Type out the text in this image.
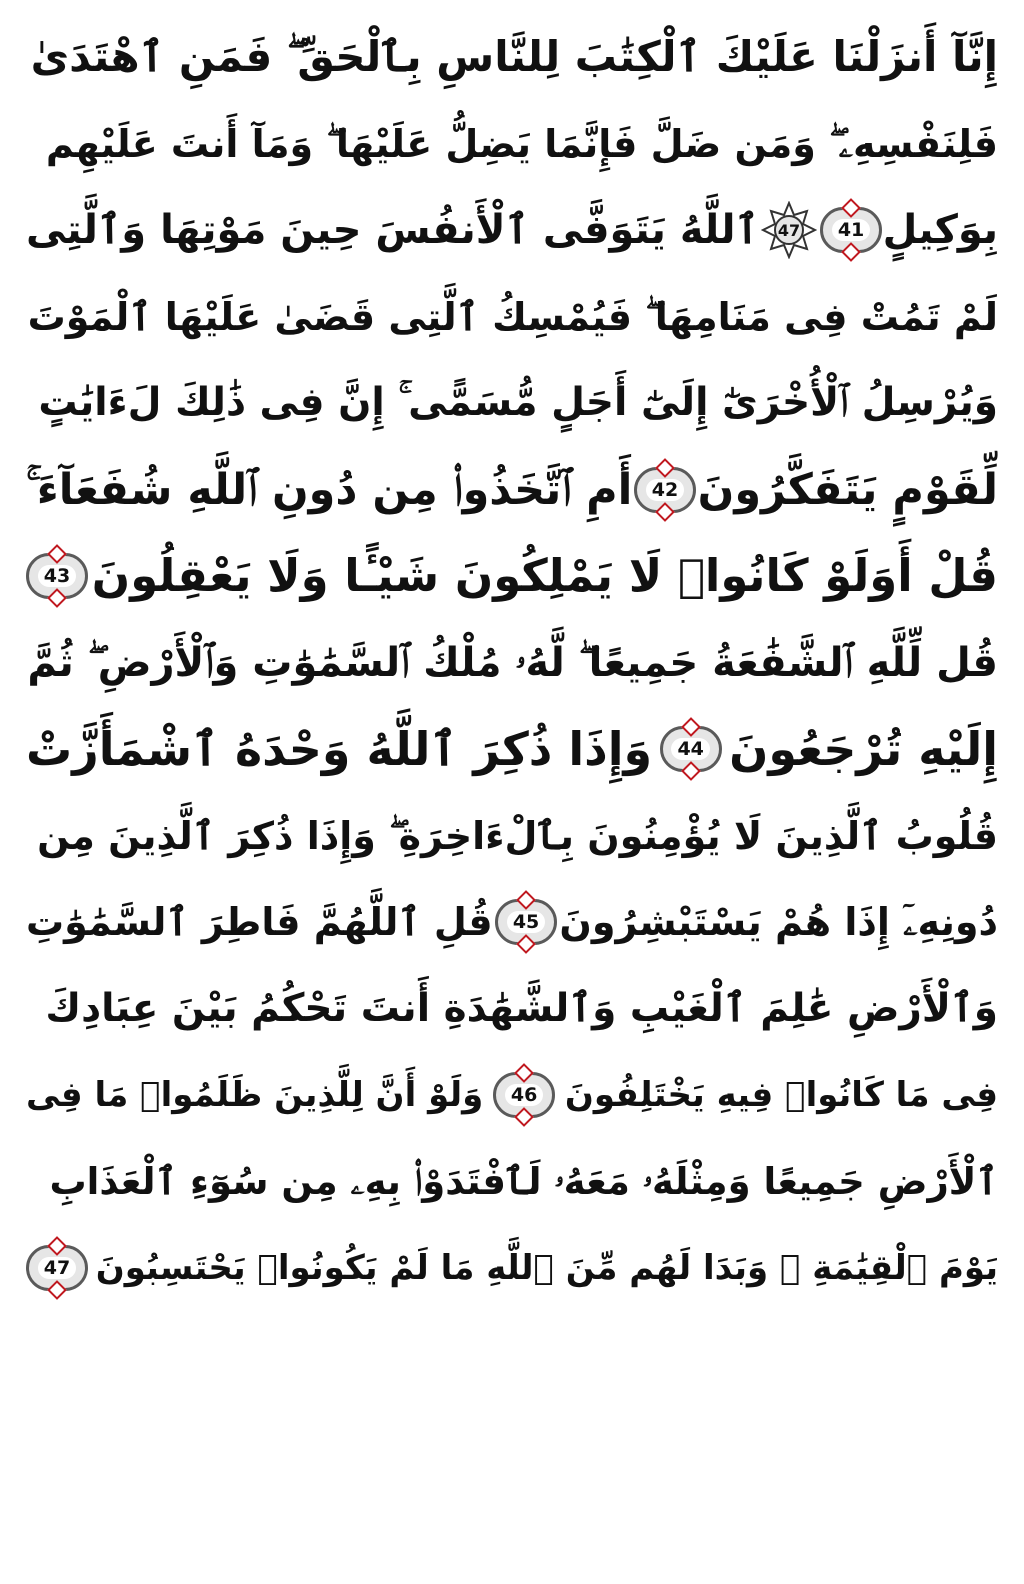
إِنَّآ أَنزَلْنَا عَلَيْكَ ٱلْكِتَٰبَ لِلنَّاسِ بِٱلْحَقِّ ۖ فَمَنِ ٱهْتَدَىٰ
فَلِنَفْسِهِۦ ۖ وَمَن ضَلَّ فَإِنَّمَا يَضِلُّ عَلَيْهَا ۖ وَمَآ أَنتَ عَلَيْهِم
بِوَكِيلٍ
41
47
ٱللَّهُ يَتَوَفَّى ٱلْأَنفُسَ حِينَ مَوْتِهَا وَٱلَّتِى
لَمْ تَمُتْ فِى مَنَامِهَا ۖ فَيُمْسِكُ ٱلَّتِى قَضَىٰ عَلَيْهَا ٱلْمَوْتَ
وَيُرْسِلُ ٱلْأُخْرَىٰٓ إِلَىٰٓ أَجَلٍ مُّسَمًّى ۚ إِنَّ فِى ذَٰلِكَ لَءَايَٰتٍ
لِّقَوْمٍ يَتَفَكَّرُونَ
42
أَمِ ٱتَّخَذُوا۟ مِن دُونِ ٱللَّهِ شُفَعَآءَ ۚ
قُلْ أَوَلَوْ كَانُوا۟ لَا يَمْلِكُونَ شَيْـًٔا وَلَا يَعْقِلُونَ
43
قُل لِّلَّهِ ٱلشَّفَٰعَةُ جَمِيعًا ۖ لَّهُۥ مُلْكُ ٱلسَّمَٰوَٰتِ وَٱلْأَرْضِ ۖ ثُمَّ
إِلَيْهِ تُرْجَعُونَ
44
وَإِذَا ذُكِرَ ٱللَّهُ وَحْدَهُ ٱشْمَأَزَّتْ
قُلُوبُ ٱلَّذِينَ لَا يُؤْمِنُونَ بِٱلْءَاخِرَةِ ۖ وَإِذَا ذُكِرَ ٱلَّذِينَ مِن
دُونِهِۦٓ إِذَا هُمْ يَسْتَبْشِرُونَ
45
قُلِ ٱللَّهُمَّ فَاطِرَ ٱلسَّمَٰوَٰتِ
وَٱلْأَرْضِ عَٰلِمَ ٱلْغَيْبِ وَٱلشَّهَٰدَةِ أَنتَ تَحْكُمُ بَيْنَ عِبَادِكَ
فِى مَا كَانُوا۟ فِيهِ يَخْتَلِفُونَ
46
وَلَوْ أَنَّ لِلَّذِينَ ظَلَمُوا۟ مَا فِى
ٱلْأَرْضِ جَمِيعًا وَمِثْلَهُۥ مَعَهُۥ لَٱفْتَدَوْا۟ بِهِۦ مِن سُوٓءِ ٱلْعَذَابِ
يَوْمَ ٱلْقِيَٰمَةِ ۚ وَبَدَا لَهُم مِّنَ ٱللَّهِ مَا لَمْ يَكُونُوا۟ يَحْتَسِبُونَ
47
